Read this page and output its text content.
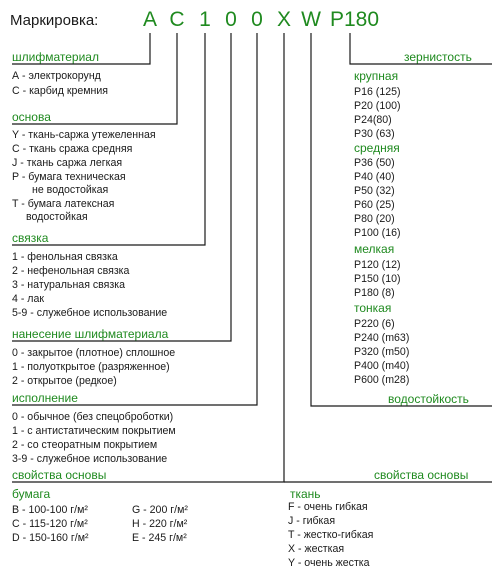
Маркировка: A C 1 0 0 X W P180
шлифматериал
А - электрокорунд
С - карбид кремния
основа
Y - ткань-саржа утежеленная
C - ткань сража средняя
J - ткань саржа легкая
P - бумага техническая
не водостойкая
T - бумага латексная
водостойкая
связка
1 - фенольная связка
2 - нефенольная связка
3 - натуральная связка
4 - лак
5-9 - служебное использование
нанесение шлифматериала
0 - закрытое (плотное) сплошное
1 - полуоткрытое (разряженное)
2 - открытое (редкое)
исполнение
0 - обычное (без спецоброботки)
1 - с антистатическим покрытием
2 - со стеоратным покрытием
3-9 - служебное использование
свойства основы	свойства основы
бумага
B - 100-100 г/м²
C - 115-120 г/м²
D - 150-160 г/м²
G - 200 г/м²
H - 220 г/м²
E - 245 г/м²
ткань
F - очень гибкая
J - гибкая
T - жестко-гибкая
X - жесткая
Y - очень жестка
зернистость
крупная
P16 (125)
P20 (100)
P24(80)
P30 (63)
средняя
P36 (50)
P40 (40)
P50 (32)
P60 (25)
P80 (20)
P100 (16)
мелкая
P120 (12)
P150 (10)
P180 (8)
тонкая
P220 (6)
P240 (m63)
P320 (m50)
P400 (m40)
P600 (m28)
водостойкость
